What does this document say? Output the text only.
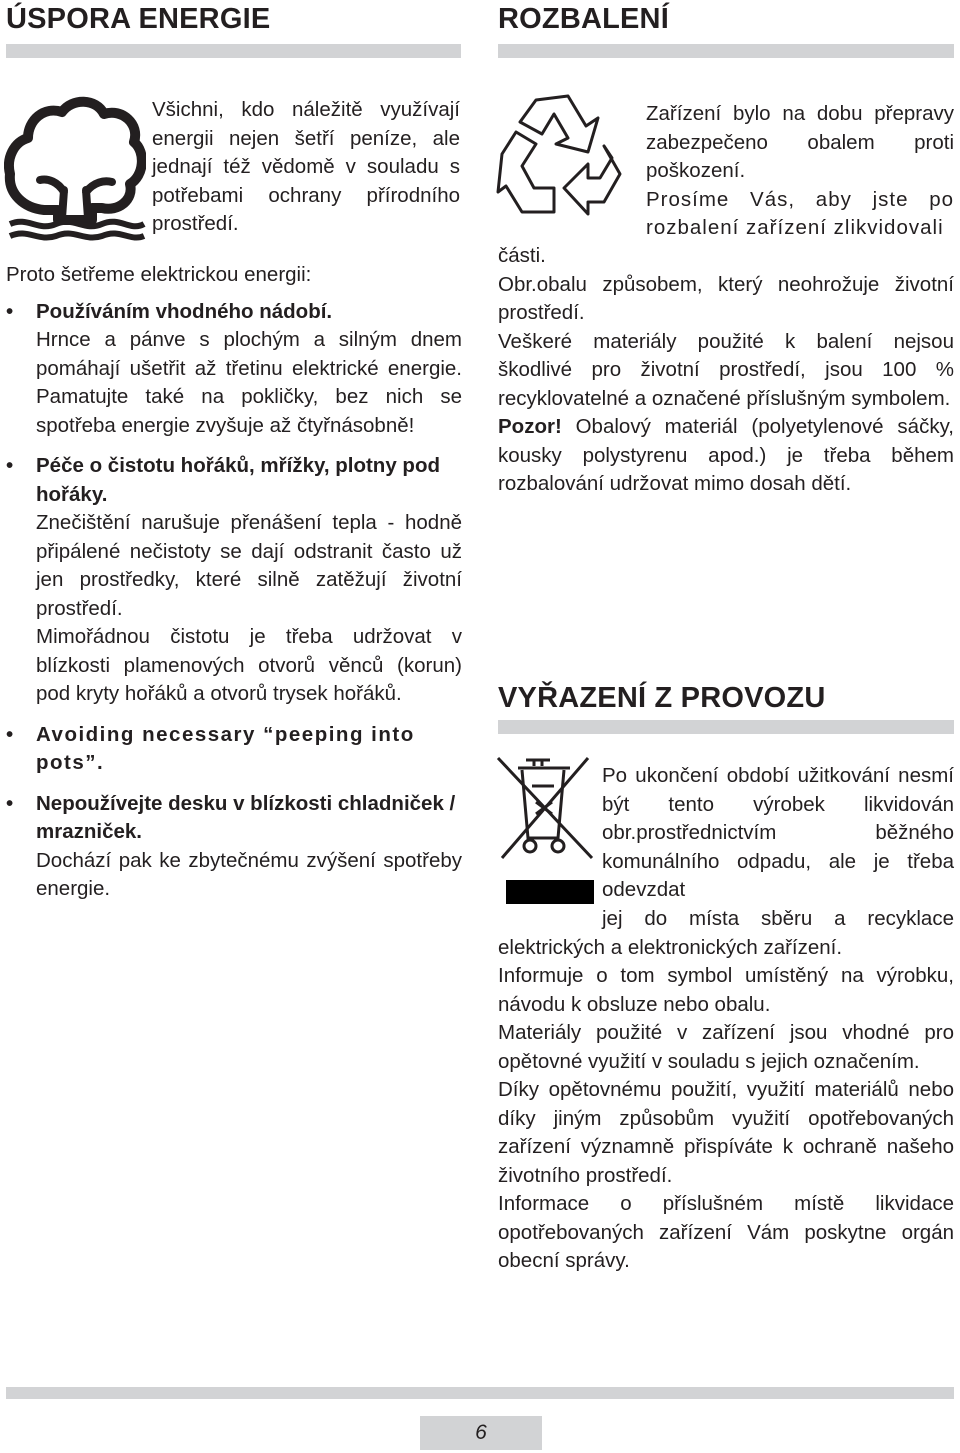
ÚSPORA ENERGIE

Všichni, kdo náležitě využívají energii nejen šetří peníze, ale jednají též vědomě v souladu s potřebami ochrany přírodního prostředí.

Proto šetřeme elektrickou energii:

• Používáním vhodného nádobí.
Hrnce a pánve s plochým a silným dnem pomáhají ušetřit až třetinu elektrické energie. Pamatujte také na pokličky, bez nich se spotřeba energie zvyšuje až čtyřnásobně!
• Péče o čistotu hořáků, mřížky, plotny pod hořáky.
Znečištění narušuje přenášení tepla - hodně připálené nečistoty se dají odstranit často už jen prostředky, které silně zatěžují životní prostředí.
Mimořádnou čistotu je třeba udržovat v blízkosti plamenových otvorů věnců (korun) pod kryty hořáků a otvorů trysek hořáků.
• Avoiding necessary “peeping into pots”.
• Nepoužívejte desku v blízkosti chladniček / mrazniček.
Dochází pak ke zbytečnému zvýšení spotřeby energie.
ROZBALENÍ

Zařízení bylo na dobu přepravy zabezpečeno obalem proti poškození.

Prosíme Vás, aby jste po rozbalení zařízení zlikvidovali

části.

Obr.obalu způsobem, který neohrožuje životní prostředí.

Veškeré materiály použité k balení nejsou škodlivé pro životní prostředí, jsou 100 % recyklovatelné a označené příslušným symbolem.

Pozor! Obalový materiál (polyetylenové sáčky, kousky polystyrenu apod.) je třeba během rozbalování udržovat mimo dosah dětí.

VYŘAZENÍ Z PROVOZU

Po ukončení období užitkování nesmí být tento výrobek likvidován obr.prostřednictvím běžného komunálního odpadu, ale je třeba odevzdat

jej do místa sběru a recyklace elektrických a elektronických zařízení.

Informuje o tom symbol umístěný na výrobku, návodu k obsluze nebo obalu.

Materiály použité v zařízení jsou vhodné pro opětovné využití v souladu s jejich označením.

Díky opětovnému použití, využití materiálů nebo díky jiným způsobům využití opotřebovaných zařízení významně přispíváte k ochraně našeho životního prostředí.

Informace o příslušném místě likvidace opotřebovaných zařízení Vám poskytne orgán obecní správy.

6
